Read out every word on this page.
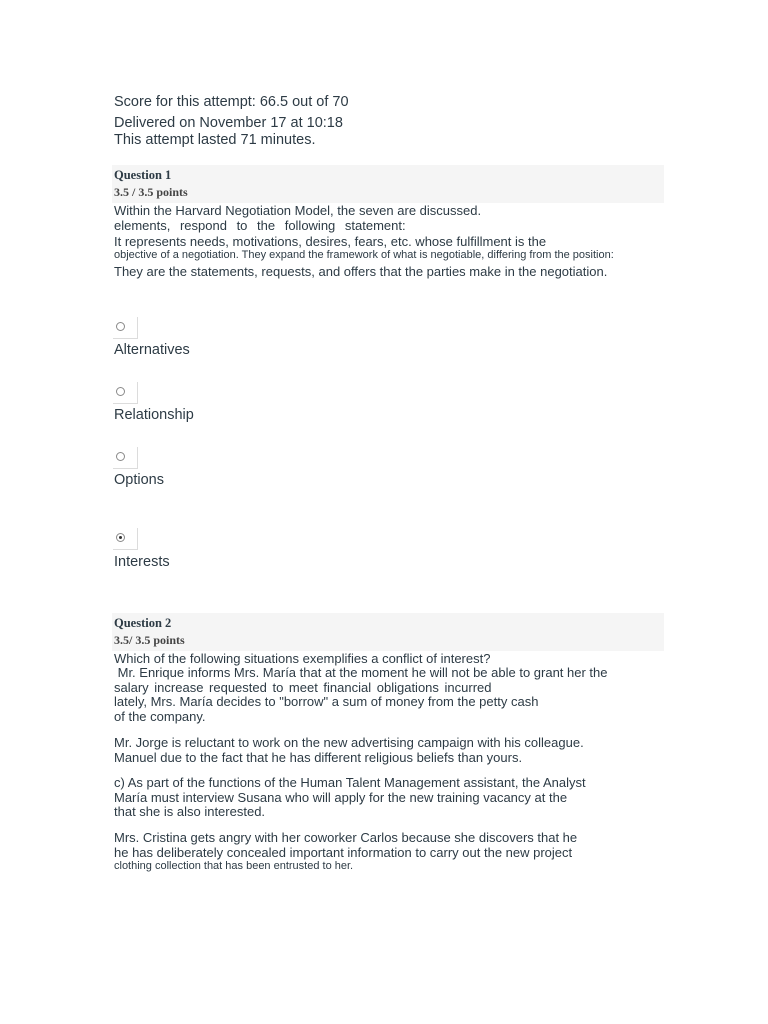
Score for this attempt: 66.5 out of 70
Delivered on November 17 at 10:18
This attempt lasted 71 minutes.
Question 1
3.5 / 3.5 points
Within the Harvard Negotiation Model, the seven are discussed.
elements, respond to the following statement:
It represents needs, motivations, desires, fears, etc. whose fulfillment is the
objective of a negotiation. They expand the framework of what is negotiable, differing from the position:
They are the statements, requests, and offers that the parties make in the negotiation.
Alternatives
Relationship
Options
Interests
Question 2
3.5/ 3.5 points
Which of the following situations exemplifies a conflict of interest?
Mr. Enrique informs Mrs. María that at the moment he will not be able to grant her the
salary increase requested to meet financial obligations incurred
lately, Mrs. María decides to "borrow" a sum of money from the petty cash
of the company.
Mr. Jorge is reluctant to work on the new advertising campaign with his colleague.
Manuel due to the fact that he has different religious beliefs than yours.
c) As part of the functions of the Human Talent Management assistant, the Analyst
María must interview Susana who will apply for the new training vacancy at the
that she is also interested.
Mrs. Cristina gets angry with her coworker Carlos because she discovers that he
he has deliberately concealed important information to carry out the new project
clothing collection that has been entrusted to her.
